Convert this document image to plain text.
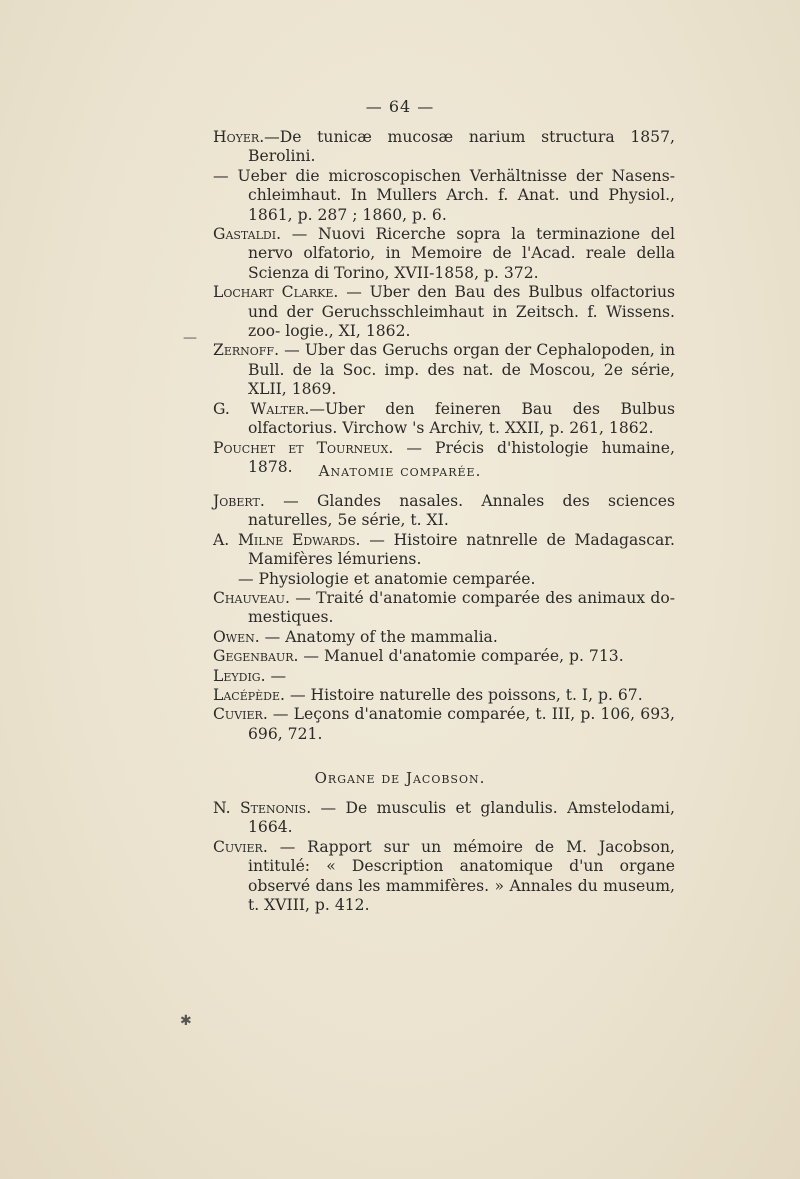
— 64 —

Hoyer.—De tunicæ mucosæ narium structura 1857, Berolini.

— Ueber die microscopischen Verhältnisse der Nasens- chleimhaut. In Mullers Arch. f. Anat. und Physiol., 1861, p. 287 ; 1860, p. 6.

Gastaldi. — Nuovi Ricerche sopra la terminazione del nervo olfatorio, in Memoire de l'Acad. reale della Scienza di Torino, XVII-1858, p. 372.

Lochart Clarke. — Uber den Bau des Bulbus olfactorius und der Geruchsschleimhaut in Zeitsch. f. Wissens. zoo- logie., XI, 1862.

Zernoff. — Uber das Geruchs organ der Cephalopoden, in Bull. de la Soc. imp. des nat. de Moscou, 2e série, XLII, 1869.

G. Walter.—Uber den feineren Bau des Bulbus olfactorius. Virchow 's Archiv, t. XXII, p. 261, 1862.

Pouchet et Tourneux. — Précis d'histologie humaine, 1878.	Anatomie comparée.

Jobert. — Glandes nasales. Annales des sciences naturelles, 5e série, t. XI.

A. Milne Edwards. — Histoire natnrelle de Madagascar. Mamifères lémuriens.

— Physiologie et anatomie cemparée.

Chauveau. — Traité d'anatomie comparée des animaux do- mestiques.

Owen. — Anatomy of the mammalia.

Gegenbaur. — Manuel d'anatomie comparée, p. 713.

Leydig. —

Lacépède. — Histoire naturelle des poissons, t. I, p. 67.

Cuvier. — Leçons d'anatomie comparée, t. III, p. 106, 693, 696, 721.

Organe de Jacobson.

N. Stenonis. — De musculis et glandulis. Amstelodami, 1664.

Cuvier. — Rapport sur un mémoire de M. Jacobson, intitulé: « Description anatomique d'un organe observé dans les mammifères. » Annales du museum, t. XVIII, p. 412.

—
✱
